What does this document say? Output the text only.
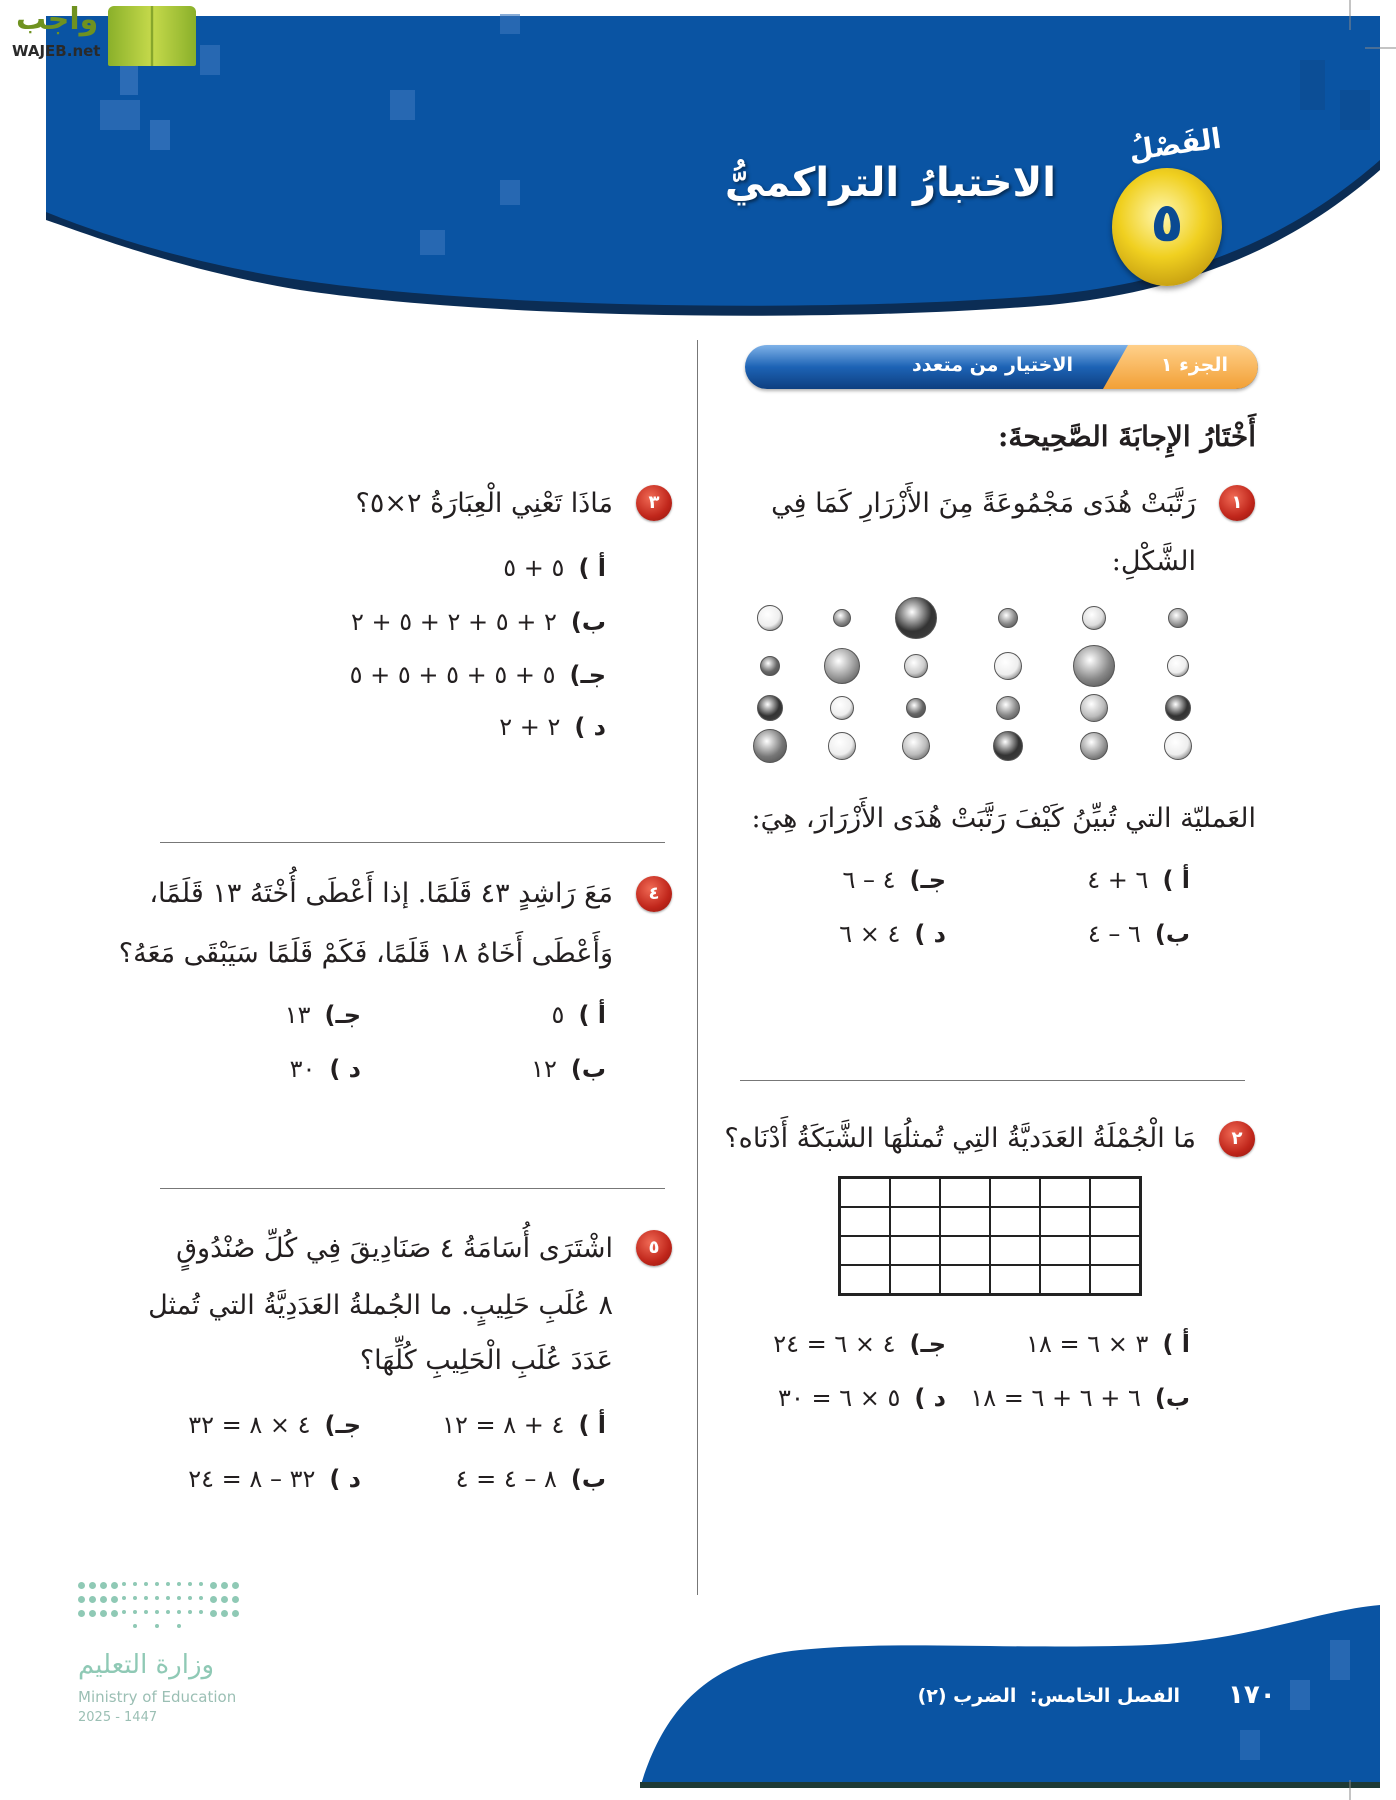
واجب
WAJEB.net
الفَصْلُ
٥
الاختبارُ التراكميُّ
الجزء ١
الاختيار من متعدد
أَخْتَارُ الإِجابَةَ الصَّحِيحةَ:
١
رَتَّبَتْ هُدَى مَجْمُوعَةً مِنَ الأَزْرَارِ كَمَا فِي
الشَّكْلِ:
العَمليّة التي تُبيِّنُ كَيْفَ رَتَّبَتْ هُدَى الأَزْرَارَ، هِيَ:
أ )٦ + ٤
ب)٦ – ٤
جـ)٤ – ٦
د )٤ × ٦
٢
مَا الْجُمْلَةُ العَدَديَّةُ التِي تُمثلُهَا الشَّبَكَةُ أَدْنَاه؟

أ )٣ × ٦ = ١٨
ب)٦ + ٦ + ٦ = ١٨
جـ)٤ × ٦ = ٢٤
د )٥ × ٦ = ٣٠
٣
مَاذَا تَعْنِي الْعِبَارَةُ ٢×٥؟
أ )٥ + ٥
ب)٢ + ٥ + ٢ + ٥ + ٢
جـ)٥ + ٥ + ٥ + ٥ + ٥
د )٢ + ٢
٤
مَعَ رَاشِدٍ ٤٣ قَلَمًا. إذا أَعْطَى أُخْتَهُ ١٣ قَلَمًا،
وَأَعْطَى أَخَاهُ ١٨ قَلَمًا، فَكَمْ قَلَمًا سَيَبْقَى مَعَهُ؟
أ )٥
ب)١٢
جـ)١٣
د )٣٠
٥
اشْتَرَى أُسَامَةُ ٤ صَنَادِيقَ فِي كُلِّ صُنْدُوقٍ
٨ عُلَبِ حَلِيبٍ. ما الجُملةُ العَدَدِيَّةُ التي تُمثل
عَدَدَ عُلَبِ الْحَلِيبِ كُلِّهَا؟
أ )٤ + ٨ = ١٢
ب)٨ – ٤ = ٤
جـ)٤ × ٨ = ٣٢
د )٣٢ – ٨ = ٢٤
وزارة التعليم
Ministry of Education
2025 - 1447
١٧٠
الفصل الخامس:  الضرب (٢)
